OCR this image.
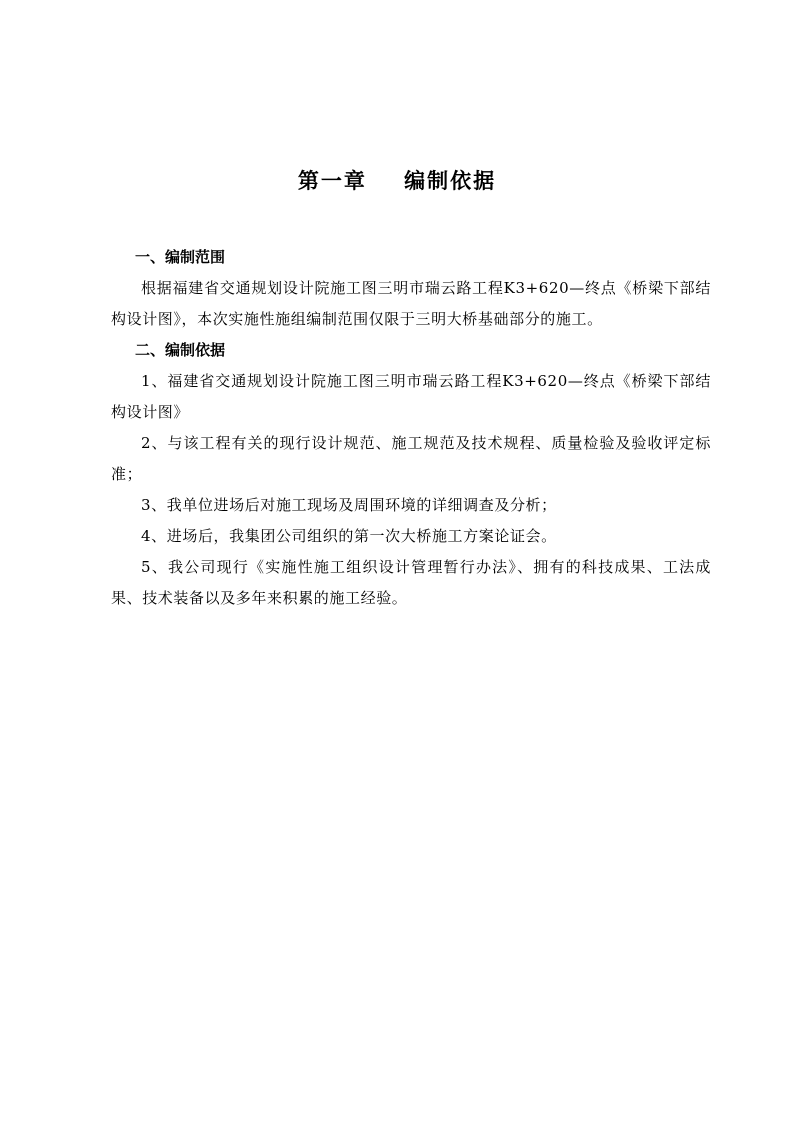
第一章    编制依据

一、编制范围

根据福建省交通规划设计院施工图三明市瑞云路工程K3+620—终点《桥梁下部结构设计图》，本次实施性施组编制范围仅限于三明大桥基础部分的施工。

二、编制依据

1、福建省交通规划设计院施工图三明市瑞云路工程K3+620—终点《桥梁下部结构设计图》

2、与该工程有关的现行设计规范、施工规范及技术规程、质量检验及验收评定标准；

3、我单位进场后对施工现场及周围环境的详细调查及分析；

4、进场后，我集团公司组织的第一次大桥施工方案论证会。

5、我公司现行《实施性施工组织设计管理暂行办法》、拥有的科技成果、工法成果、技术装备以及多年来积累的施工经验。
